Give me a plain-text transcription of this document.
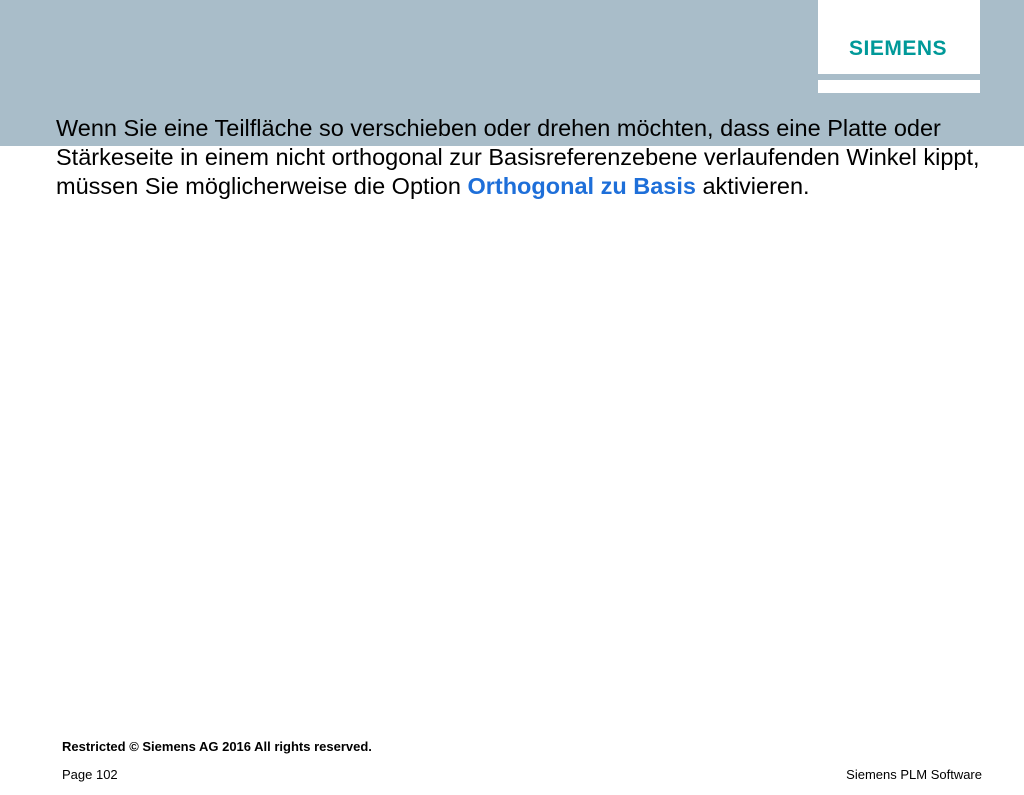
SIEMENS
Wenn Sie eine Teilfläche so verschieben oder drehen möchten, dass eine Platte oder Stärkeseite in einem nicht orthogonal zur Basisreferenzebene verlaufenden Winkel kippt, müssen Sie möglicherweise die Option Orthogonal zu Basis aktivieren.
Restricted © Siemens AG 2016 All rights reserved.
Page 102	Siemens PLM Software
